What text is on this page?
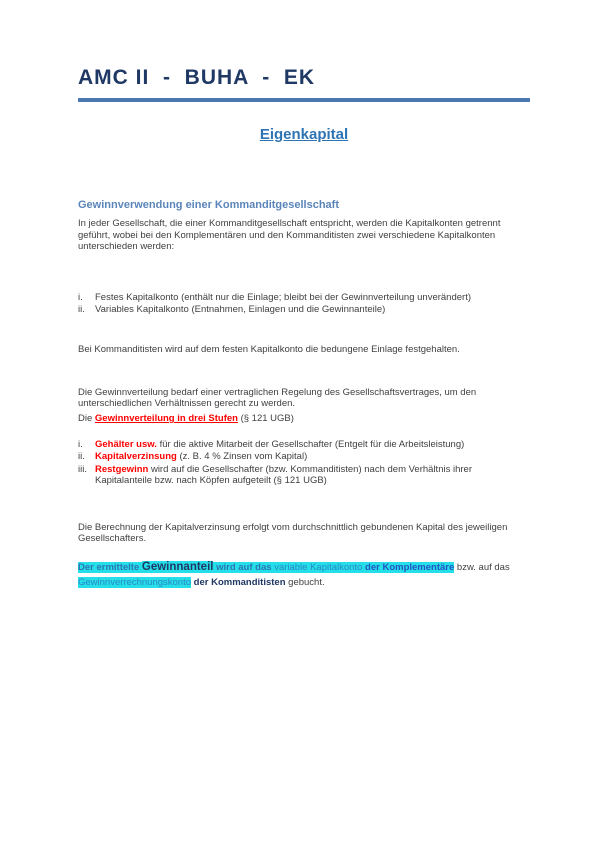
AMC II  -  BUHA  -  EK
Eigenkapital
Gewinnverwendung einer Kommanditgesellschaft

In jeder Gesellschaft, die einer Kommanditgesellschaft entspricht, werden die Kapitalkonten getrennt geführt, wobei bei den Komplementären und den Kommanditisten zwei verschiedene Kapitalkonten unterschieden werden:

i.	Festes Kapitalkonto (enthält nur die Einlage; bleibt bei der Gewinnverteilung unverändert)
ii.	Variables Kapitalkonto (Entnahmen, Einlagen und die Gewinnanteile)

Bei Kommanditisten wird auf dem festen Kapitalkonto die bedungene Einlage festgehalten.

Die Gewinnverteilung bedarf einer vertraglichen Regelung des Gesellschaftsvertrages, um den unterschiedlichen Verhältnissen gerecht zu werden.

Die Gewinnverteilung in drei Stufen (§ 121 UGB)

i.	Gehälter usw. für die aktive Mitarbeit der Gesellschafter (Entgelt für die Arbeitsleistung)
ii.	Kapitalverzinsung (z. B. 4 % Zinsen vom Kapital)
iii. Restgewinn wird auf die Gesellschafter (bzw. Kommanditisten) nach dem Verhältnis ihrer Kapitalanteile bzw. nach Köpfen aufgeteilt (§ 121 UGB)

Die Berechnung der Kapitalverzinsung erfolgt vom durchschnittlich gebundenen Kapital des jeweiligen Gesellschafters.

Der ermittelte Gewinnanteil wird auf das variable Kapitalkonto der Komplementäre bzw. auf das Gewinnverrechnungskonto der Kommanditisten gebucht.
